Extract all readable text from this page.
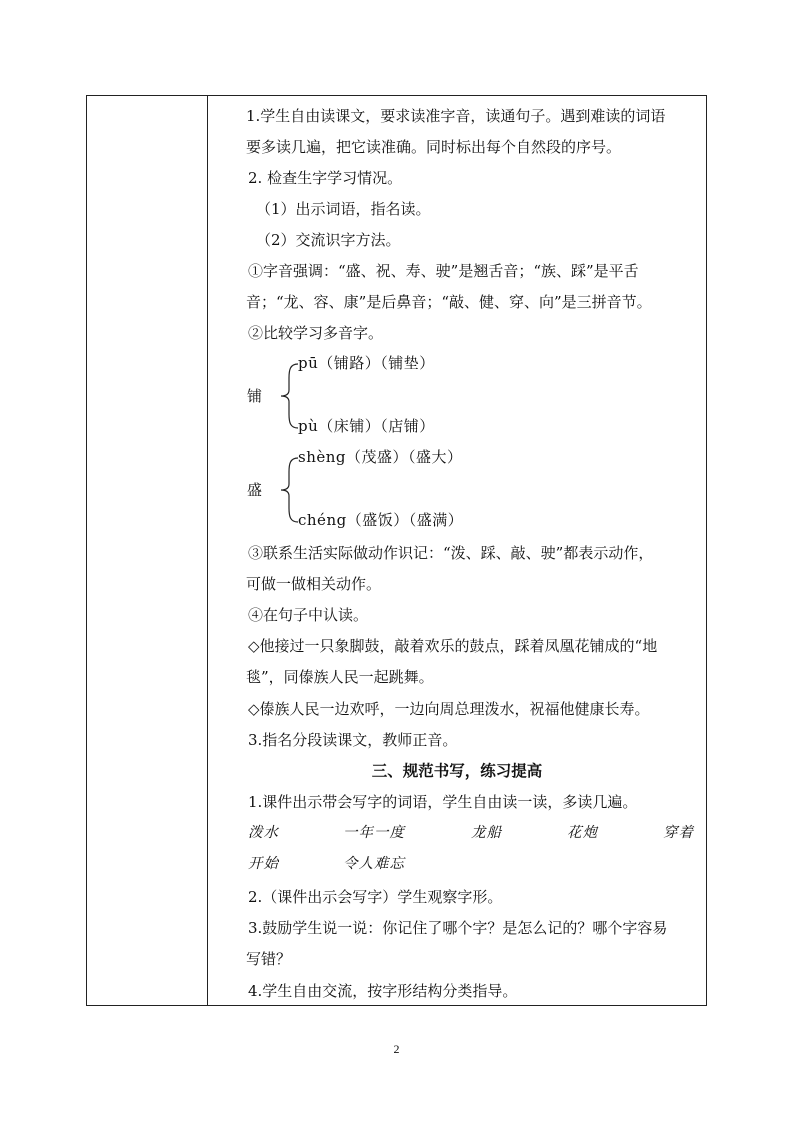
1.学生自由读课文，要求读准字音，读通句子。遇到难读的词语
要多读几遍，把它读准确。同时标出每个自然段的序号。
2. 检查生字学习情况。
（1）出示词语，指名读。
（2）交流识字方法。
①字音强调：“盛、祝、寿、驶”是翘舌音；“族、踩”是平舌
音；“龙、容、康”是后鼻音；“敲、健、穿、向”是三拼音节。
②比较学习多音字。
铺
pū（铺路）（铺垫）
pù（床铺）（店铺）
盛
shèng（茂盛）（盛大）
chéng（盛饭）（盛满）
③联系生活实际做动作识记：“泼、踩、敲、驶”都表示动作，
可做一做相关动作。
④在句子中认读。
◇他接过一只象脚鼓，敲着欢乐的鼓点，踩着凤凰花铺成的“地
毯”，同傣族人民一起跳舞。
◇傣族人民一边欢呼，一边向周总理泼水，祝福他健康长寿。
3.指名分段读课文，教师正音。
三、规范书写，练习提高
1.课件出示带会写字的词语，学生自由读一读，多读几遍。
泼水	一年一度	龙船	花炮	穿着
开始	令人难忘
2.（课件出示会写字）学生观察字形。
3.鼓励学生说一说：你记住了哪个字？是怎么记的？哪个字容易
写错？
4.学生自由交流，按字形结构分类指导。
2
